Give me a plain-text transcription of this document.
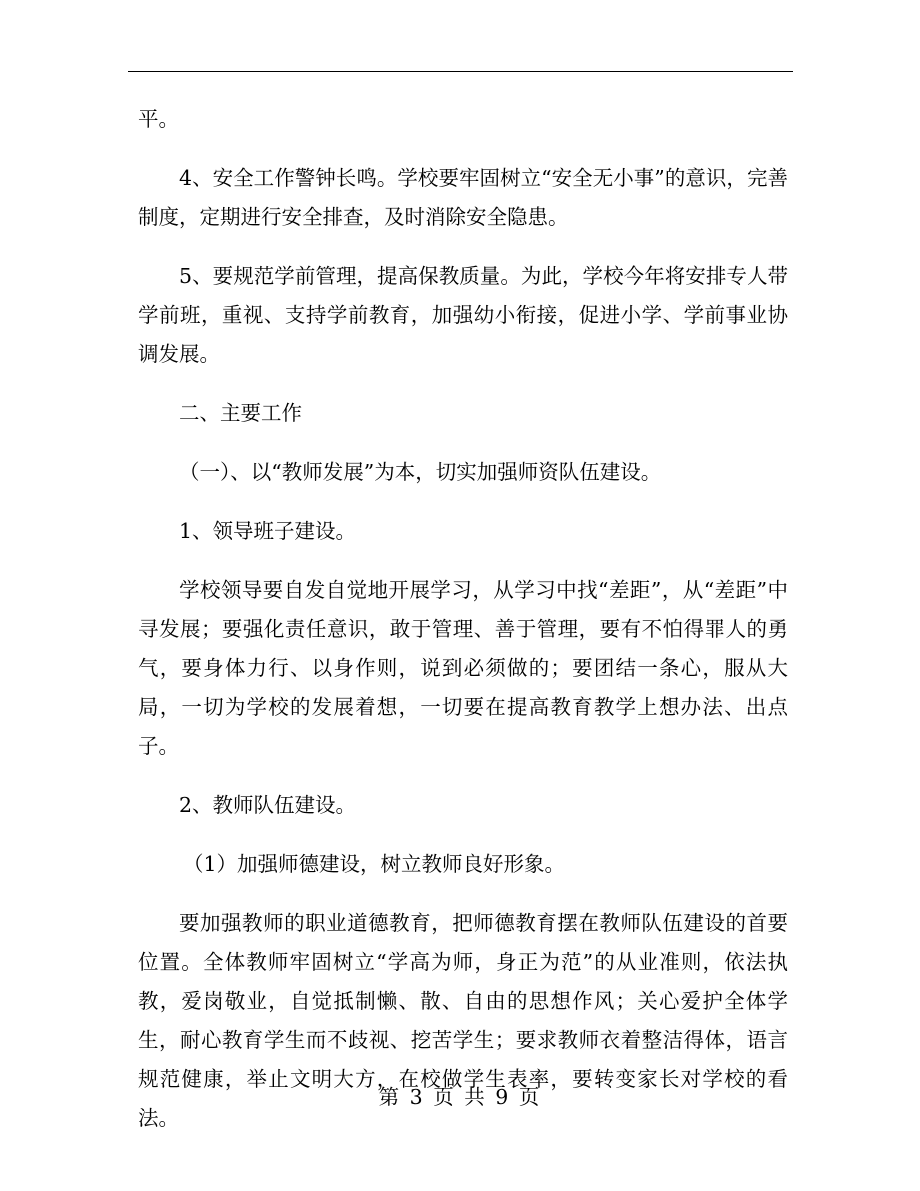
平。

4、安全工作警钟长鸣。学校要牢固树立“安全无小事”的意识，完善制度，定期进行安全排查，及时消除安全隐患。

5、要规范学前管理，提高保教质量。为此，学校今年将安排专人带学前班，重视、支持学前教育，加强幼小衔接，促进小学、学前事业协调发展。

二、主要工作

（一）、以“教师发展”为本，切实加强师资队伍建设。

1、领导班子建设。

学校领导要自发自觉地开展学习，从学习中找“差距”，从“差距”中寻发展；要强化责任意识，敢于管理、善于管理，要有不怕得罪人的勇气，要身体力行、以身作则，说到必须做的；要团结一条心，服从大局，一切为学校的发展着想，一切要在提高教育教学上想办法、出点子。

2、教师队伍建设。

（1）加强师德建设，树立教师良好形象。

要加强教师的职业道德教育，把师德教育摆在教师队伍建设的首要位置。全体教师牢固树立“学高为师，身正为范”的从业准则，依法执教，爱岗敬业，自觉抵制懒、散、自由的思想作风；关心爱护全体学生，耐心教育学生而不歧视、挖苦学生；要求教师衣着整洁得体，语言规范健康，举止文明大方，在校做学生表率，要转变家长对学校的看法。

第 3 页 共 9 页
